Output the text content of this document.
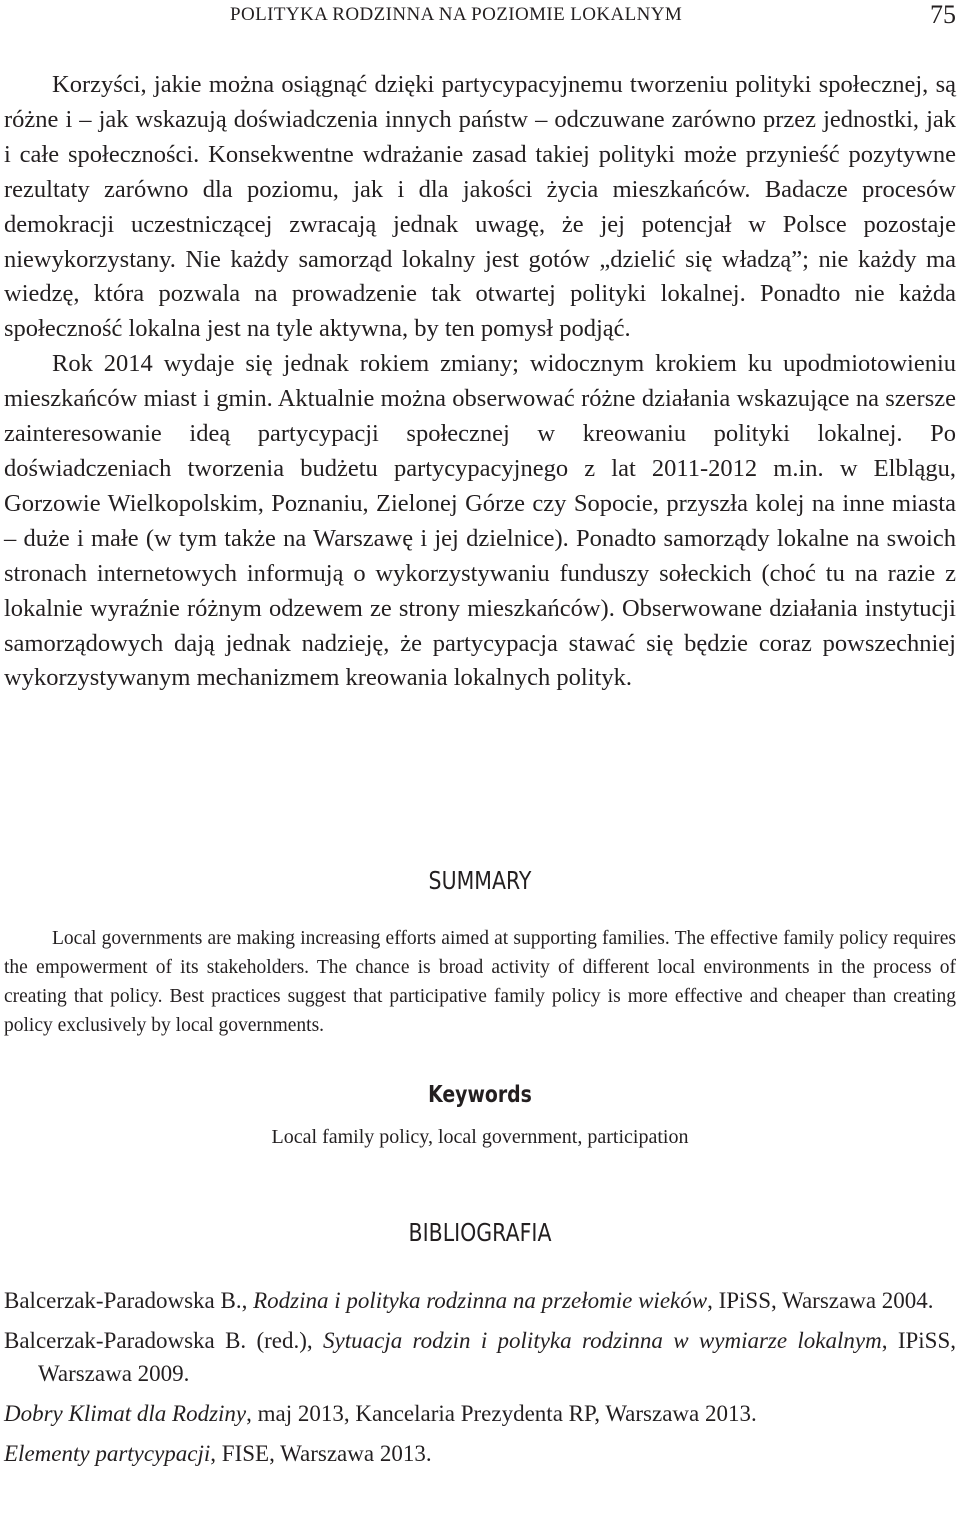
POLITYKA RODZINNA NA POZIOMIE LOKALNYM	75

Korzyści, jakie można osiągnąć dzięki partycypacyjnemu tworzeniu polityki społecznej, są różne i – jak wskazują doświadczenia innych państw – odczuwane zarówno przez jednostki, jak i całe społeczności. Konsekwentne wdrażanie zasad takiej polityki może przynieść pozytywne rezultaty zarówno dla poziomu, jak i dla jakości życia mieszkańców. Badacze procesów demokracji uczestniczącej zwracają jednak uwagę, że jej potencjał w Polsce pozostaje niewykorzystany. Nie każdy samorząd lokalny jest gotów „dzielić się władzą”; nie każdy ma wiedzę, która pozwala na prowadzenie tak otwartej polityki lokalnej. Ponadto nie każda społeczność lokalna jest na tyle aktywna, by ten pomysł podjąć.

Rok 2014 wydaje się jednak rokiem zmiany; widocznym krokiem ku upodmiotowieniu mieszkańców miast i gmin. Aktualnie można obserwować różne działania wskazujące na szersze zainteresowanie ideą partycypacji społecznej w kreowaniu polityki lokalnej. Po doświadczeniach tworzenia budżetu partycypacyjnego z lat 2011-2012 m.in. w Elblągu, Gorzowie Wielkopolskim, Poznaniu, Zielonej Górze czy Sopocie, przyszła kolej na inne miasta – duże i małe (w tym także na Warszawę i jej dzielnice). Ponadto samorządy lokalne na swoich stronach internetowych informują o wykorzystywaniu funduszy sołeckich (choć tu na razie z lokalnie wyraźnie różnym odzewem ze strony mieszkańców). Obserwowane działania instytucji samorządowych dają jednak nadzieję, że partycypacja stawać się będzie coraz powszechniej wykorzystywanym mechanizmem kreowania lokalnych polityk.

SUMMARY

Local governments are making increasing efforts aimed at supporting families. The effective family policy requires the empowerment of its stakeholders. The chance is broad activity of different local environments in the process of creating that policy. Best practices suggest that participative family policy is more effective and cheaper than creating policy exclusively by local governments.

Keywords
Local family policy, local government, participation
BIBLIOGRAFIA

Balcerzak-Paradowska B., Rodzina i polityka rodzinna na przełomie wieków, IPiSS, Warszawa 2004.

Balcerzak-Paradowska B. (red.), Sytuacja rodzin i polityka rodzinna w wymiarze lokalnym, IPiSS, Warszawa 2009.

Dobry Klimat dla Rodziny, maj 2013, Kancelaria Prezydenta RP, Warszawa 2013.

Elementy partycypacji, FISE, Warszawa 2013.
